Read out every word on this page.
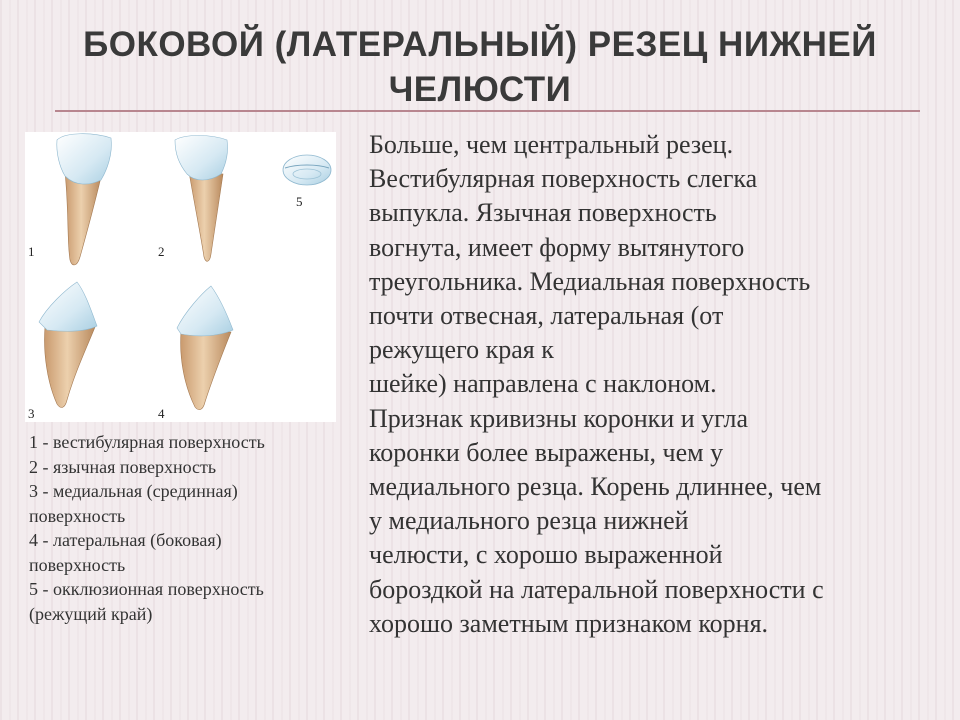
БОКОВОЙ (ЛАТЕРАЛЬНЫЙ) РЕЗЕЦ НИЖНЕЙ
ЧЕЛЮСТИ
1	2
3	4
5
1 - вестибулярная поверхность
2 - язычная поверхность
3 - медиальная (срединная)
поверхность
4 - латеральная (боковая)
поверхность
5 - окклюзионная поверхность
(режущий край)
Больше, чем центральный резец.
Вестибулярная поверхность слегка
выпукла. Язычная поверхность
вогнута, имеет форму вытянутого
треугольника. Медиальная поверхность
почти отвесная, латеральная (от
режущего края к
шейке) направлена с наклоном.
Признак кривизны коронки и угла
коронки более выражены, чем у
медиального резца. Корень длиннее, чем
у медиального резца нижней
челюсти, с хорошо выраженной
бороздкой на латеральной поверхности с
хорошо заметным признаком корня.
